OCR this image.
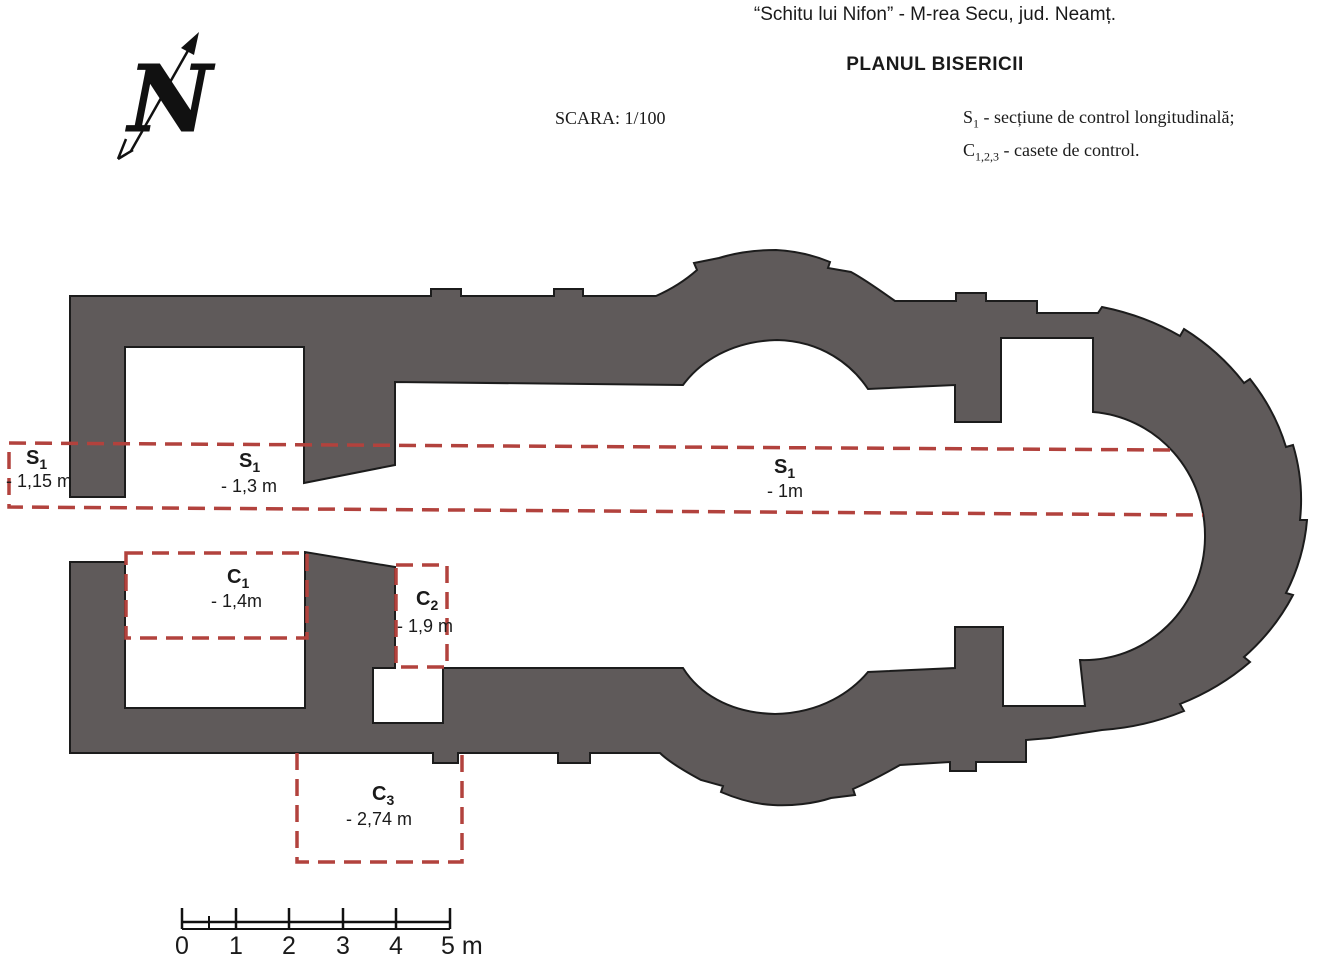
N
“Schitu lui Nifon” - M-rea Secu, jud. Neamț.
PLANUL BISERICII
SCARA: 1/100	$S_1$ - secțiune de control longitudinală;
$C_{1,2,3}$ - casete de control.
$S_1$
- 1,15 m
$S_1$
- 1,3 m
$S_1$
- 1m
$C_1$
- 1,4m	$C_2$
- 1,9 m
$C_3$
- 2,74 m
0	1	2	3	4	5 m
